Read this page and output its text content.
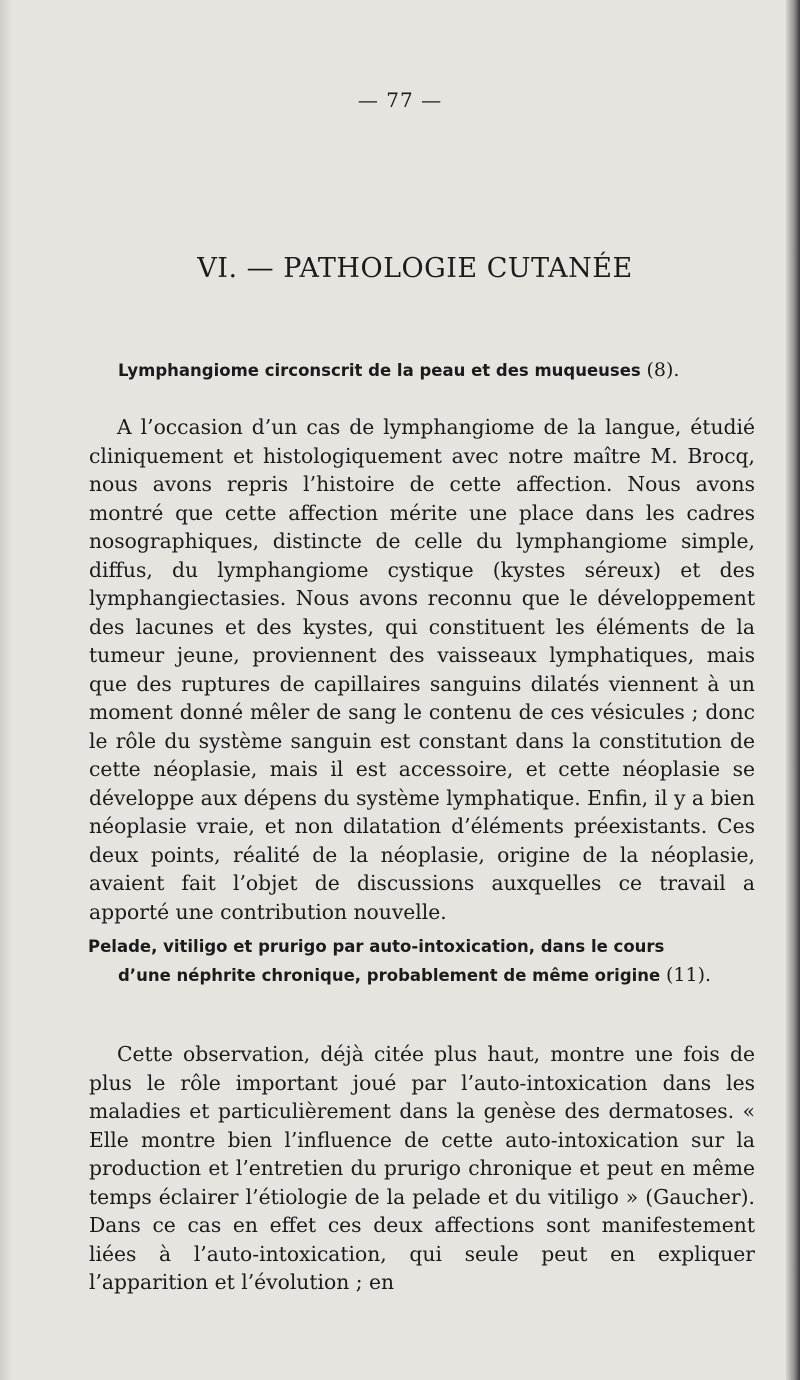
— 77 —
VI. — PATHOLOGIE CUTANÉE
Lymphangiome circonscrit de la peau et des muqueuses (8).

A l’occasion d’un cas de lymphangiome de la langue, étudié cliniquement et histologiquement avec notre maître M. Brocq, nous avons repris l’histoire de cette affection. Nous avons montré que cette affection mérite une place dans les cadres nosographiques, distincte de celle du lymphangiome simple, diffus, du lymphangiome cystique (kystes séreux) et des lymphangiectasies. Nous avons reconnu que le développement des lacunes et des kystes, qui constituent les éléments de la tumeur jeune, proviennent des vaisseaux lymphatiques, mais que des ruptures de capillaires sanguins dilatés viennent à un moment donné mêler de sang le contenu de ces vésicules ; donc le rôle du système sanguin est constant dans la constitution de cette néoplasie, mais il est accessoire, et cette néoplasie se développe aux dépens du système lymphatique. Enfin, il y a bien néoplasie vraie, et non dilatation d’éléments préexistants. Ces deux points, réalité de la néoplasie, origine de la néoplasie, avaient fait l’objet de discussions auxquelles ce travail a apporté une contribution nouvelle.

Pelade, vitiligo et prurigo par auto-intoxication, dans le cours
d’une néphrite chronique, probablement de même origine (11).

Cette observation, déjà citée plus haut, montre une fois de plus le rôle important joué par l’auto-intoxication dans les maladies et particulièrement dans la genèse des dermatoses. « Elle montre bien l’influence de cette auto-intoxication sur la production et l’entretien du prurigo chronique et peut en même temps éclairer l’étiologie de la pelade et du vitiligo » (Gaucher). Dans ce cas en effet ces deux affections sont manifestement liées à l’auto-intoxication, qui seule peut en expliquer l’apparition et l’évolution ; en
